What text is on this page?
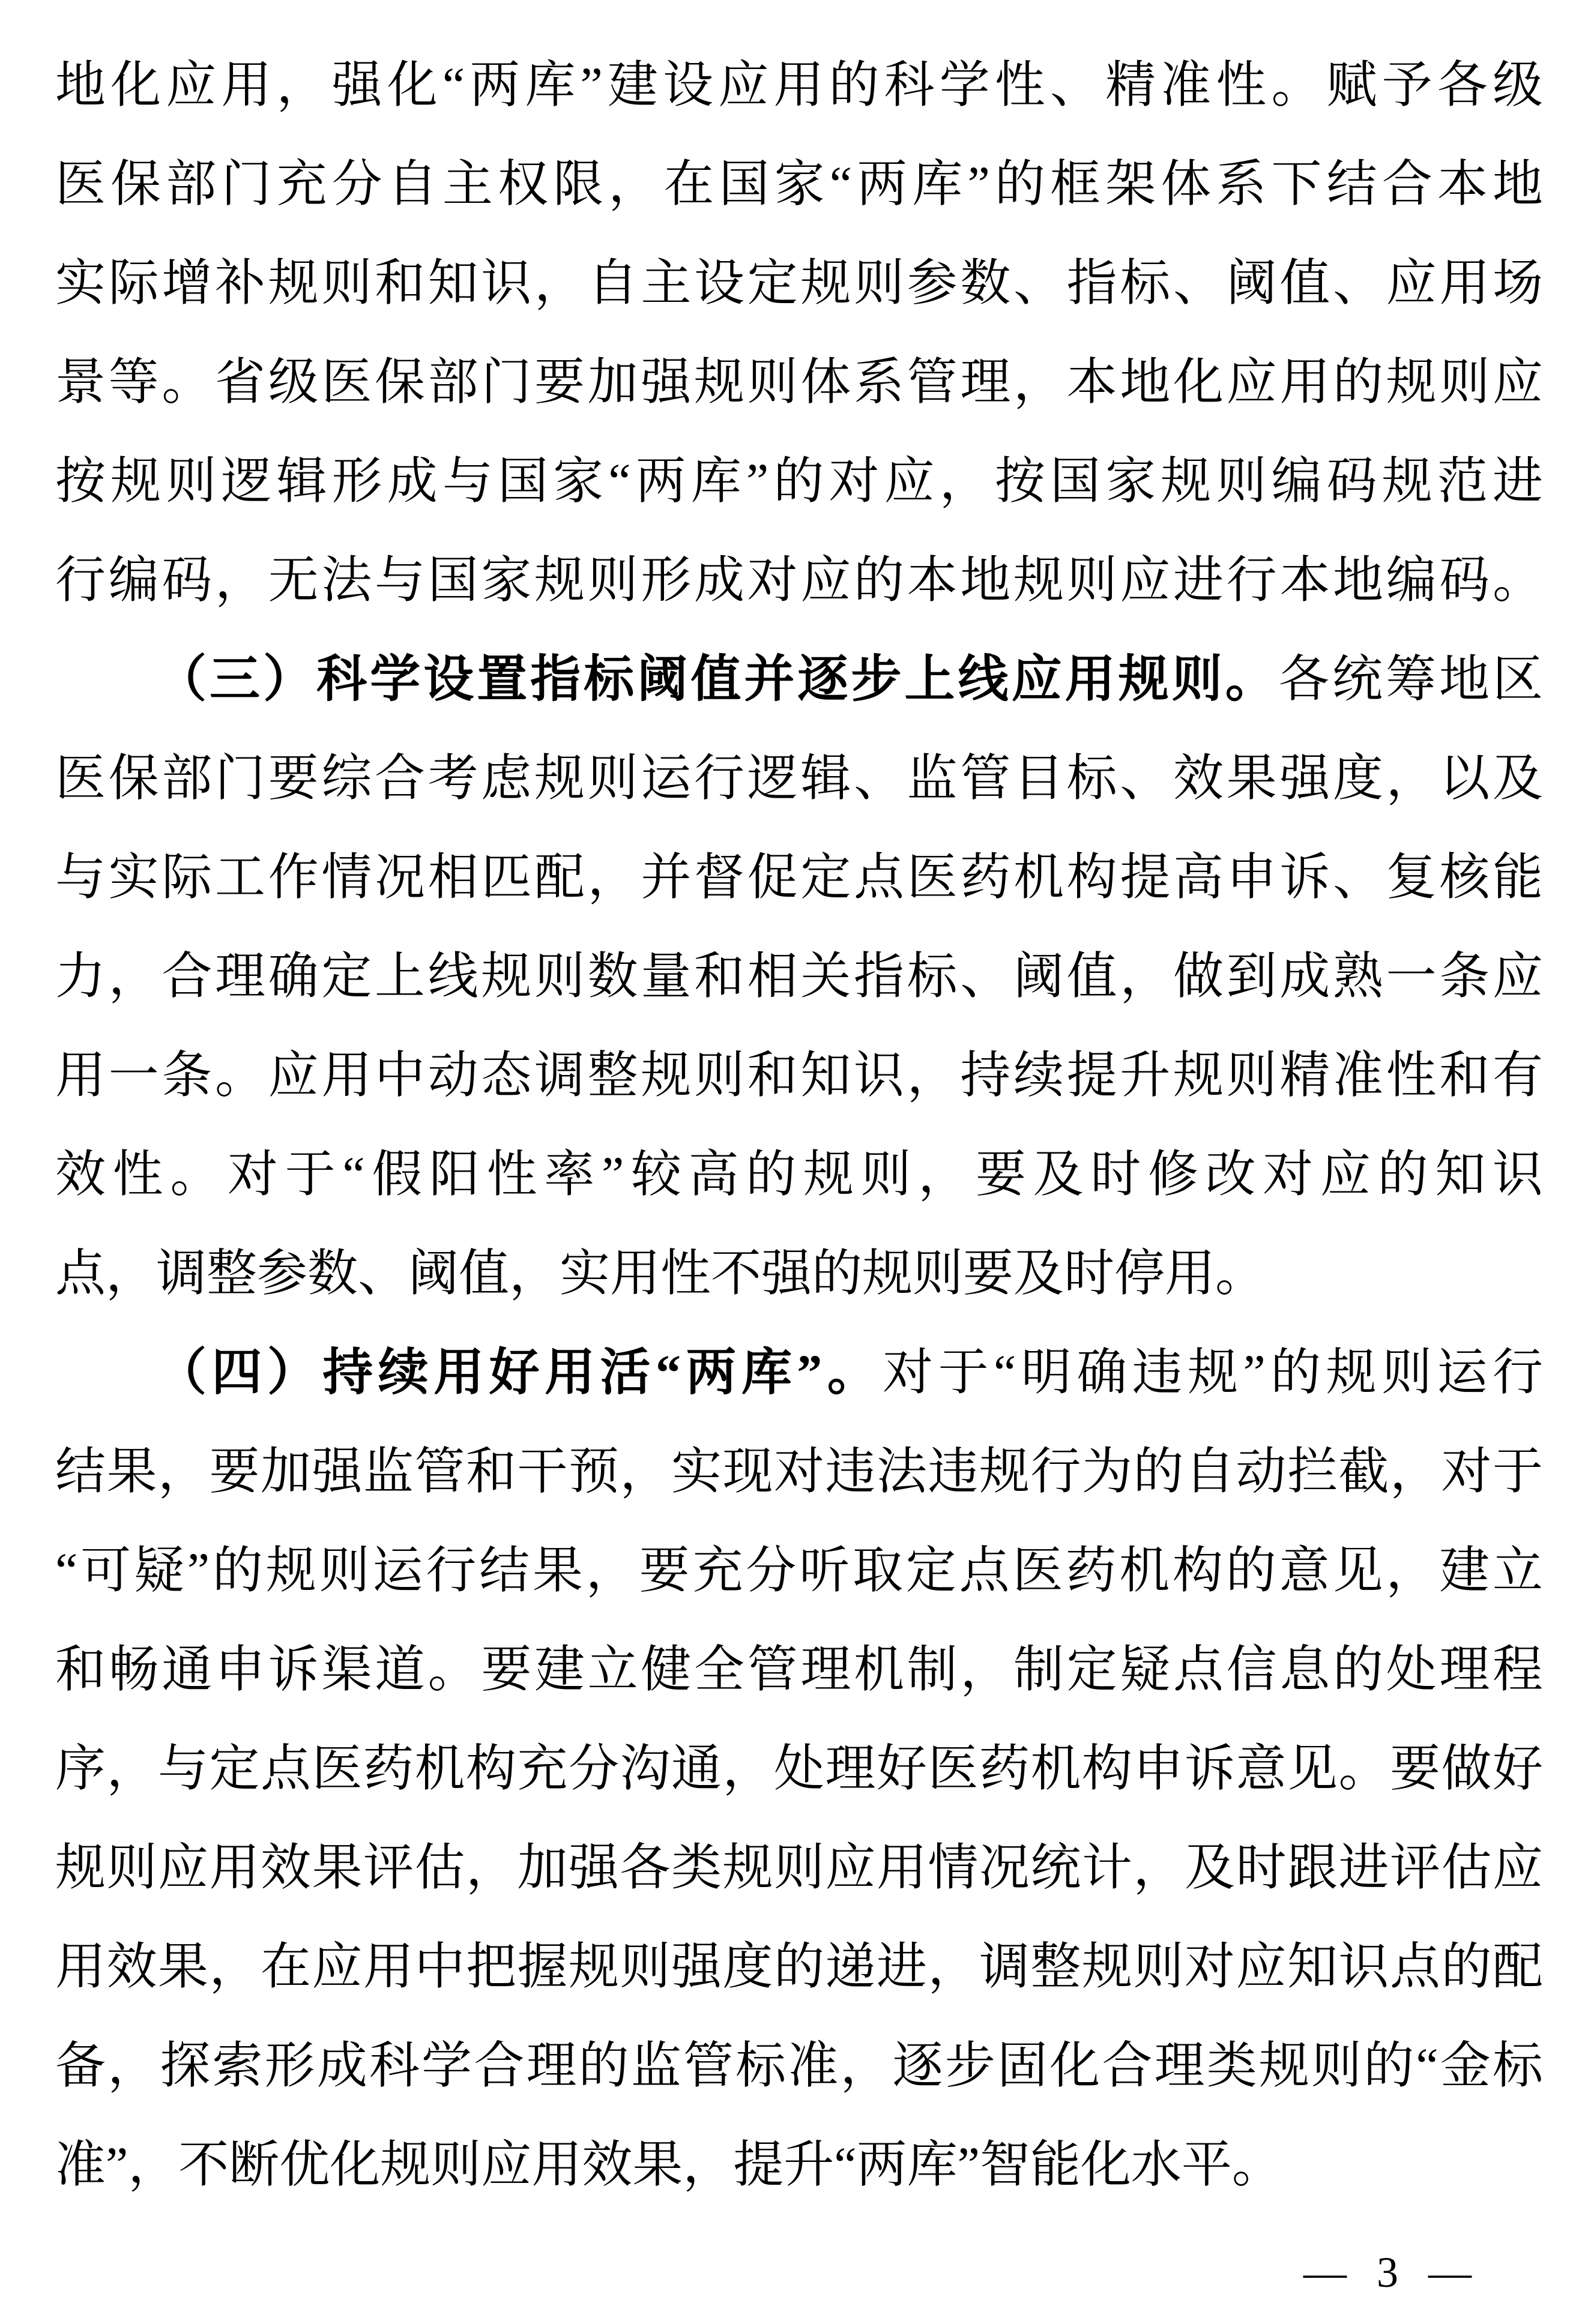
地化应用，强化“两库”建设应用的科学性、精准性。赋予各级
医保部门充分自主权限，在国家“两库”的框架体系下结合本地
实际增补规则和知识，自主设定规则参数、指标、阈值、应用场
景等。省级医保部门要加强规则体系管理，本地化应用的规则应
按规则逻辑形成与国家“两库”的对应，按国家规则编码规范进
行编码，无法与国家规则形成对应的本地规则应进行本地编码。
（三）科学设置指标阈值并逐步上线应用规则。各统筹地区
医保部门要综合考虑规则运行逻辑、监管目标、效果强度，以及
与实际工作情况相匹配，并督促定点医药机构提高申诉、复核能
力，合理确定上线规则数量和相关指标、阈值，做到成熟一条应
用一条。应用中动态调整规则和知识，持续提升规则精准性和有
效性。对于“假阳性率”较高的规则，要及时修改对应的知识
点，调整参数、阈值，实用性不强的规则要及时停用。
（四）持续用好用活“两库”。对于“明确违规”的规则运行
结果，要加强监管和干预，实现对违法违规行为的自动拦截，对于
“可疑”的规则运行结果，要充分听取定点医药机构的意见，建立
和畅通申诉渠道。要建立健全管理机制，制定疑点信息的处理程
序，与定点医药机构充分沟通，处理好医药机构申诉意见。要做好
规则应用效果评估，加强各类规则应用情况统计，及时跟进评估应
用效果，在应用中把握规则强度的递进，调整规则对应知识点的配
备，探索形成科学合理的监管标准，逐步固化合理类规则的“金标
准”，不断优化规则应用效果，提升“两库”智能化水平。
— 3 —
